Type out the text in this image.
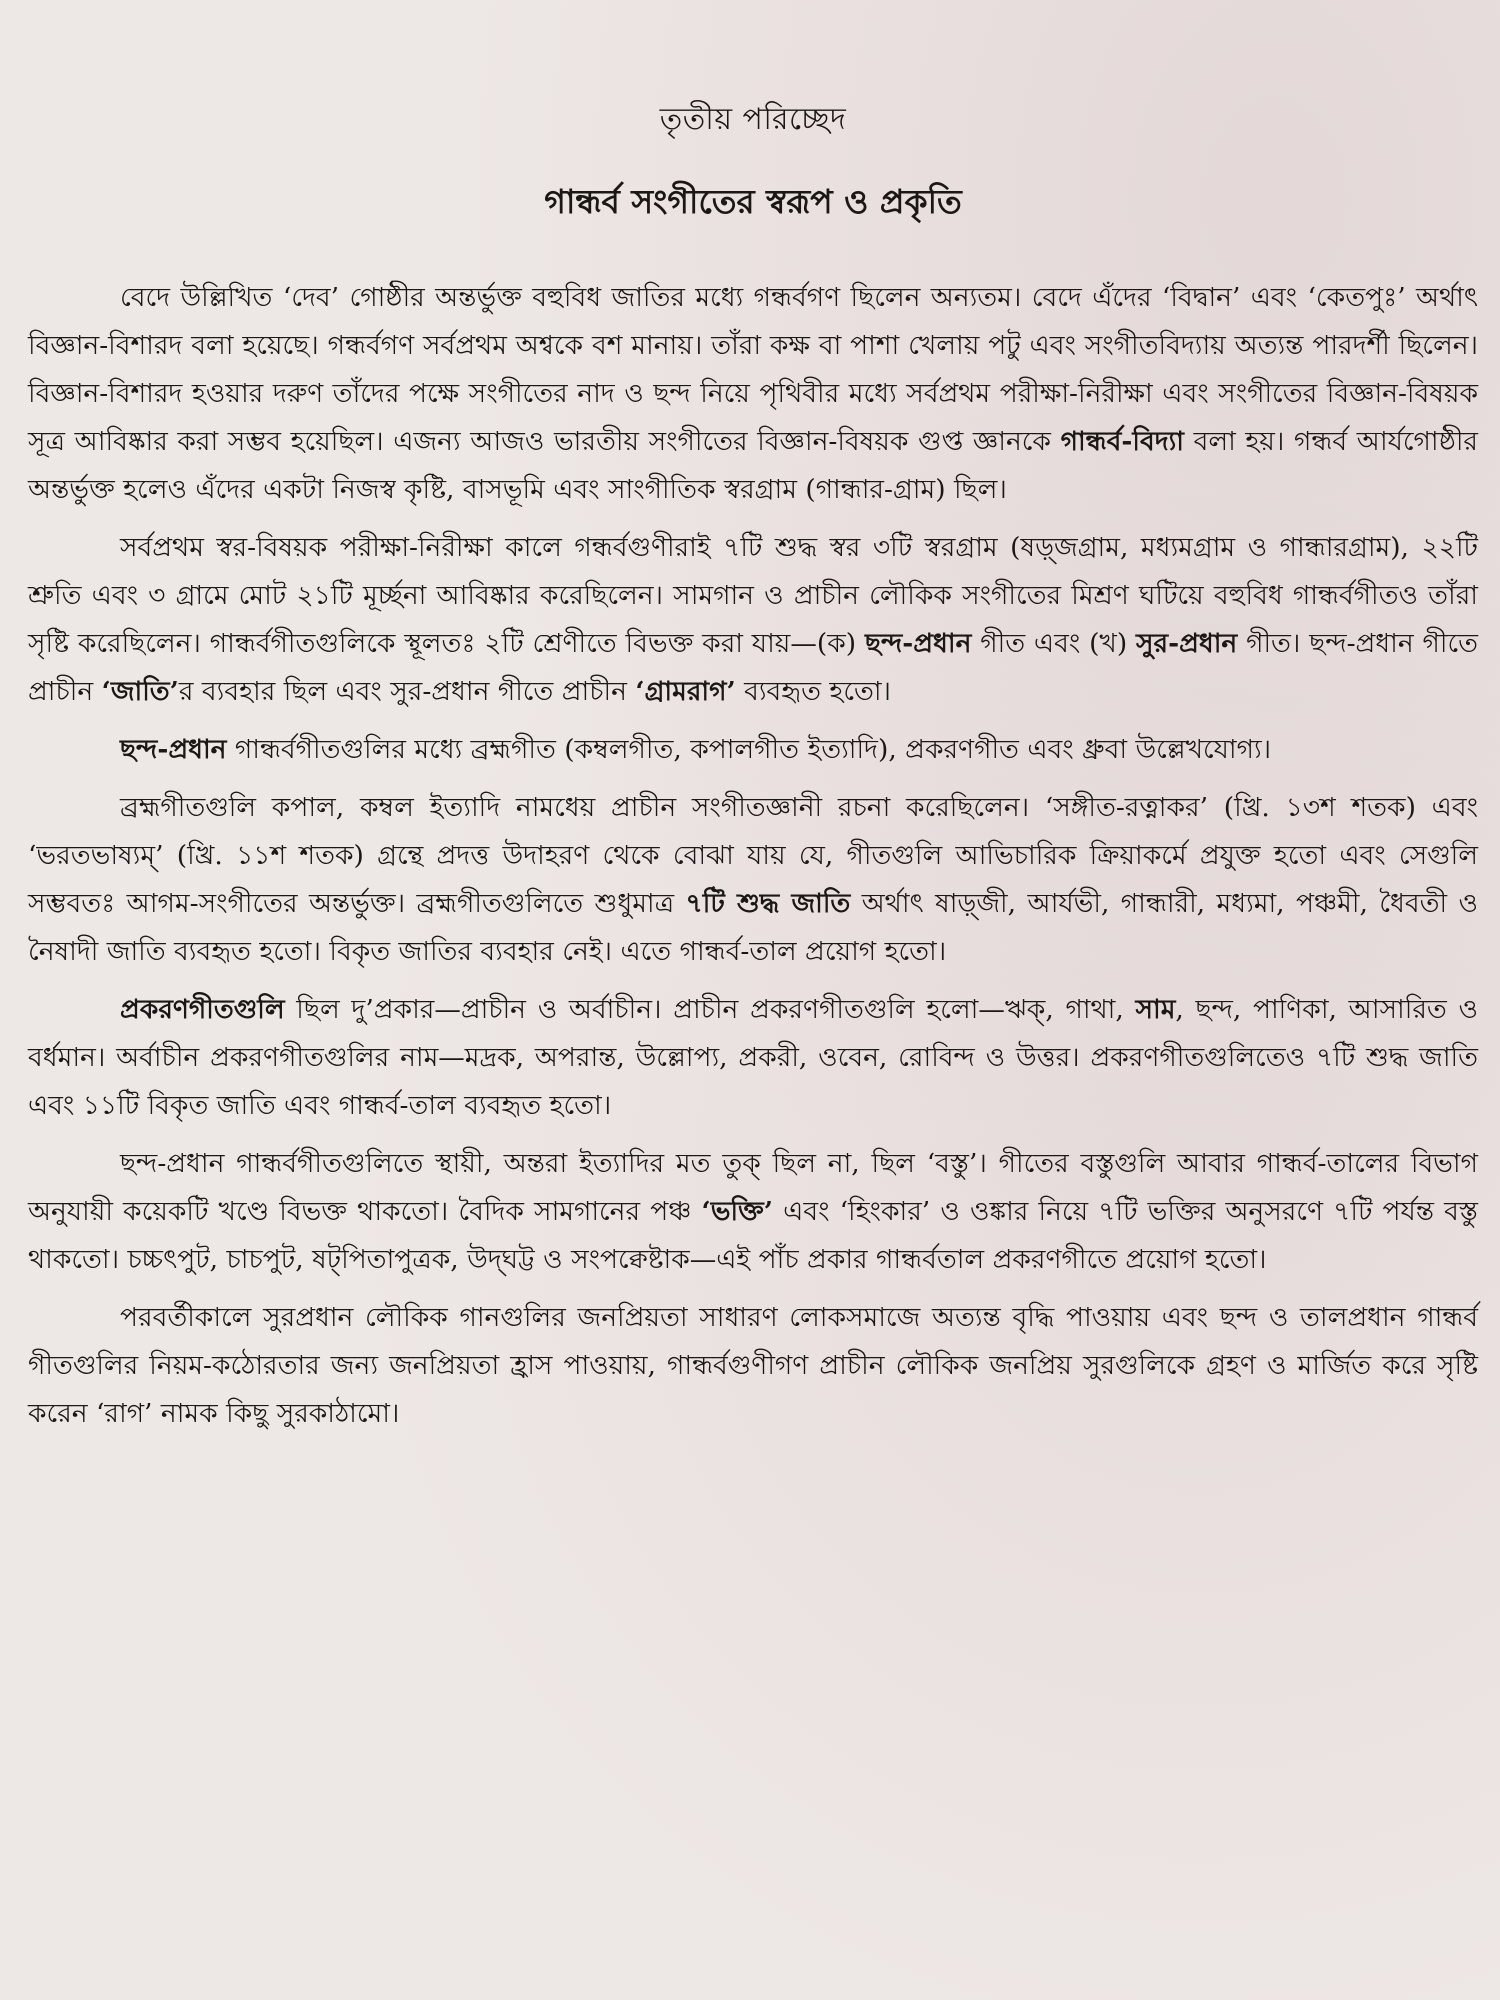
তৃতীয় পরিচ্ছেদ
গান্ধর্ব সংগীতের স্বরূপ ও প্রকৃতি

বেদে উল্লিখিত ‘দেব’ গোষ্ঠীর অন্তর্ভুক্ত বহুবিধ জাতির মধ্যে গন্ধর্বগণ ছিলেন অন্যতম। বেদে এঁদের ‘বিদ্বান’ এবং ‘কেতপুঃ’ অর্থাৎ বিজ্ঞান-বিশারদ বলা হয়েছে। গন্ধর্বগণ সর্বপ্রথম অশ্বকে বশ মানায়। তাঁরা কক্ষ বা পাশা খেলায় পটু এবং সংগীতবিদ্যায় অত্যন্ত পারদর্শী ছিলেন। বিজ্ঞান-বিশারদ হওয়ার দরুণ তাঁদের পক্ষে সংগীতের নাদ ও ছন্দ নিয়ে পৃথিবীর মধ্যে সর্বপ্রথম পরীক্ষা-নিরীক্ষা এবং সংগীতের বিজ্ঞান-বিষয়ক সূত্র আবিষ্কার করা সম্ভব হয়েছিল। এজন্য আজও ভারতীয় সংগীতের বিজ্ঞান-বিষয়ক গুপ্ত জ্ঞানকে গান্ধর্ব-বিদ্যা বলা হয়। গন্ধর্ব আর্যগোষ্ঠীর অন্তর্ভুক্ত হলেও এঁদের একটা নিজস্ব কৃষ্টি, বাসভূমি এবং সাংগীতিক স্বরগ্রাম (গান্ধার-গ্রাম) ছিল।

সর্বপ্রথম স্বর-বিষয়ক পরীক্ষা-নিরীক্ষা কালে গন্ধর্বগুণীরাই ৭টি শুদ্ধ স্বর ৩টি স্বরগ্রাম (ষড়্‌জগ্রাম, মধ্যমগ্রাম ও গান্ধারগ্রাম), ২২টি শ্রুতি এবং ৩ গ্রামে মোট ২১টি মূর্চ্ছনা আবিষ্কার করেছিলেন। সামগান ও প্রাচীন লৌকিক সংগীতের মিশ্রণ ঘটিয়ে বহুবিধ গান্ধর্বগীতও তাঁরা সৃষ্টি করেছিলেন। গান্ধর্বগীতগুলিকে স্থূলতঃ ২টি শ্রেণীতে বিভক্ত করা যায়—(ক) ছন্দ-প্রধান গীত এবং (খ) সুর-প্রধান গীত। ছন্দ-প্রধান গীতে প্রাচীন ‘জাতি’র ব্যবহার ছিল এবং সুর-প্রধান গীতে প্রাচীন ‘গ্রামরাগ’ ব্যবহৃত হতো।

ছন্দ-প্রধান গান্ধর্বগীতগুলির মধ্যে ব্রহ্মগীত (কম্বলগীত, কপালগীত ইত্যাদি), প্রকরণগীত এবং ধ্রুবা উল্লেখযোগ্য।

ব্রহ্মগীতগুলি কপাল, কম্বল ইত্যাদি নামধেয় প্রাচীন সংগীতজ্ঞানী রচনা করেছিলেন। ‘সঙ্গীত-রত্নাকর’ (খ্রি. ১৩শ শতক) এবং ‘ভরতভাষ্যম্’ (খ্রি. ১১শ শতক) গ্রন্থে প্রদত্ত উদাহরণ থেকে বোঝা যায় যে, গীতগুলি আভিচারিক ক্রিয়াকর্মে প্রযুক্ত হতো এবং সেগুলি সম্ভবতঃ আগম-সংগীতের অন্তর্ভুক্ত। ব্রহ্মগীতগুলিতে শুধুমাত্র ৭টি শুদ্ধ জাতি অর্থাৎ ষাড়্‌জী, আর্যভী, গান্ধারী, মধ্যমা, পঞ্চমী, ধৈবতী ও নৈষাদী জাতি ব্যবহৃত হতো। বিকৃত জাতির ব্যবহার নেই। এতে গান্ধর্ব-তাল প্রয়োগ হতো।

প্রকরণগীতগুলি ছিল দু’প্রকার—প্রাচীন ও অর্বাচীন। প্রাচীন প্রকরণগীতগুলি হলো—ঋক্, গাথা, সাম, ছন্দ, পাণিকা, আসারিত ও বর্ধমান। অর্বাচীন প্রকরণগীতগুলির নাম—মদ্রক, অপরান্ত, উল্লোপ্য, প্রকরী, ওবেন, রোবিন্দ ও উত্তর। প্রকরণগীতগুলিতেও ৭টি শুদ্ধ জাতি এবং ১১টি বিকৃত জাতি এবং গান্ধর্ব-তাল ব্যবহৃত হতো।

ছন্দ-প্রধান গান্ধর্বগীতগুলিতে স্থায়ী, অন্তরা ইত্যাদির মত তুক্ ছিল না, ছিল ‘বস্তু’। গীতের বস্তুগুলি আবার গান্ধর্ব-তালের বিভাগ অনুযায়ী কয়েকটি খণ্ডে বিভক্ত থাকতো। বৈদিক সামগানের পঞ্চ ‘ভক্তি’ এবং ‘হিংকার’ ও ওঙ্কার নিয়ে ৭টি ভক্তির অনুসরণে ৭টি পর্যন্ত বস্তু থাকতো। চচ্চৎপুট, চাচপুট, ষট্‌পিতাপুত্রক, উদ্‌ঘট্ট ও সংপক্বেষ্টাক—এই পাঁচ প্রকার গান্ধর্বতাল প্রকরণগীতে প্রয়োগ হতো।

পরবর্তীকালে সুরপ্রধান লৌকিক গানগুলির জনপ্রিয়তা সাধারণ লোকসমাজে অত্যন্ত বৃদ্ধি পাওয়ায় এবং ছন্দ ও তালপ্রধান গান্ধর্ব গীতগুলির নিয়ম-কঠোরতার জন্য জনপ্রিয়তা হ্রাস পাওয়ায়, গান্ধর্বগুণীগণ প্রাচীন লৌকিক জনপ্রিয় সুরগুলিকে গ্রহণ ও মার্জিত করে সৃষ্টি করেন ‘রাগ’ নামক কিছু সুরকাঠামো।
